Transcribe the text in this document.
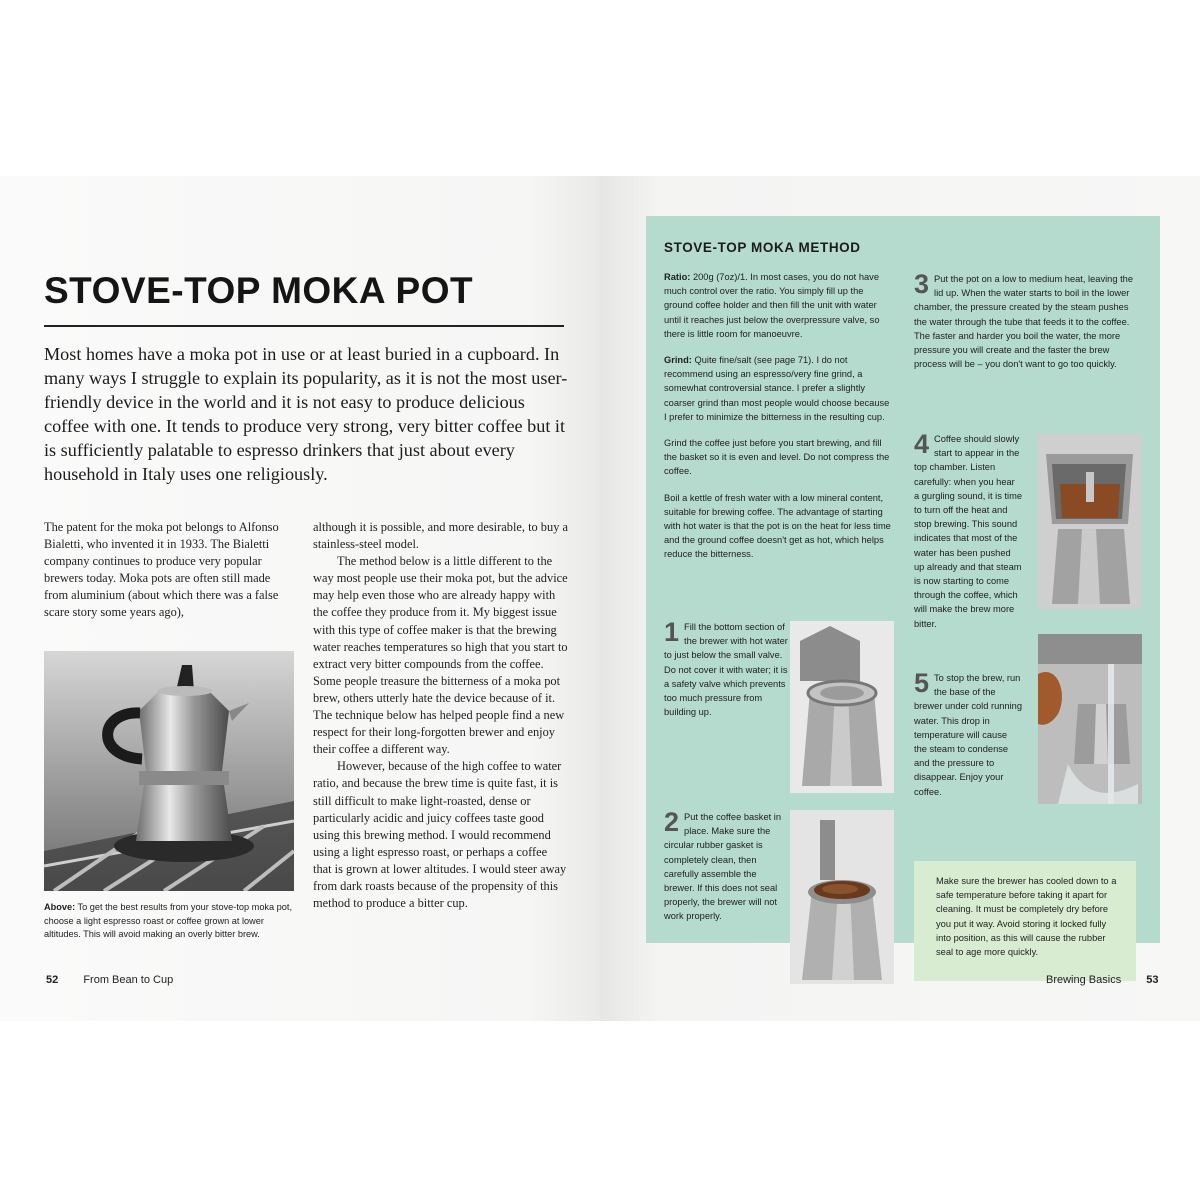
STOVE-TOP MOKA POT

Most homes have a moka pot in use or at least buried in a cupboard. In many ways I struggle to explain its popularity, as it is not the most user-friendly device in the world and it is not easy to produce delicious coffee with one. It tends to produce very strong, very bitter coffee but it is sufficiently palatable to espresso drinkers that just about every household in Italy uses one religiously.

The patent for the moka pot belongs to Alfonso Bialetti, who invented it in 1933. The Bialetti company continues to produce very popular brewers today. Moka pots are often still made from aluminium (about which there was a false scare story some years ago),

although it is possible, and more desirable, to buy a stainless-steel model.

The method below is a little different to the way most people use their moka pot, but the advice may help even those who are already happy with the coffee they produce from it. My biggest issue with this type of coffee maker is that the brewing water reaches temperatures so high that you start to extract very bitter compounds from the coffee. Some people treasure the bitterness of a moka pot brew, others utterly hate the device because of it. The technique below has helped people find a new respect for their long-forgotten brewer and enjoy their coffee a different way.

However, because of the high coffee to water ratio, and because the brew time is quite fast, it is still difficult to make light-roasted, dense or particularly acidic and juicy coffees taste good using this brewing method. I would recommend using a light espresso roast, or perhaps a coffee that is grown at lower altitudes. I would steer away from dark roasts because of the propensity of this method to produce a bitter cup.

Above: To get the best results from your stove-top moka pot, choose a light espresso roast or coffee grown at lower altitudes. This will avoid making an overly bitter brew.

52 From Bean to Cup
STOVE-TOP MOKA METHOD

Ratio: 200g (7oz)/1. In most cases, you do not have much control over the ratio. You simply fill up the ground coffee holder and then fill the unit with water until it reaches just below the overpressure valve, so there is little room for manoeuvre.

Grind: Quite fine/salt (see page 71). I do not recommend using an espresso/very fine grind, a somewhat controversial stance. I prefer a slightly coarser grind than most people would choose because I prefer to minimize the bitterness in the resulting cup.

Grind the coffee just before you start brewing, and fill the basket so it is even and level. Do not compress the coffee.

Boil a kettle of fresh water with a low mineral content, suitable for brewing coffee. The advantage of starting with hot water is that the pot is on the heat for less time and the ground coffee doesn't get as hot, which helps reduce the bitterness.

1 Fill the bottom section of the brewer with hot water to just below the small valve. Do not cover it with water; it is a safety valve which prevents too much pressure from building up.

2 Put the coffee basket in place. Make sure the circular rubber gasket is completely clean, then carefully assemble the brewer. If this does not seal properly, the brewer will not work properly.

3 Put the pot on a low to medium heat, leaving the lid up. When the water starts to boil in the lower chamber, the pressure created by the steam pushes the water through the tube that feeds it to the coffee. The faster and harder you boil the water, the more pressure you will create and the faster the brew process will be – you don't want to go too quickly.

4 Coffee should slowly start to appear in the top chamber. Listen carefully: when you hear a gurgling sound, it is time to turn off the heat and stop brewing. This sound indicates that most of the water has been pushed up already and that steam is now starting to come through the coffee, which will make the brew more bitter.

5 To stop the brew, run the base of the brewer under cold running water. This drop in temperature will cause the steam to condense and the pressure to disappear. Enjoy your coffee.

Make sure the brewer has cooled down to a safe temperature before taking it apart for cleaning. It must be completely dry before you put it way. Avoid storing it locked fully into position, as this will cause the rubber seal to age more quickly.

Brewing Basics 53
